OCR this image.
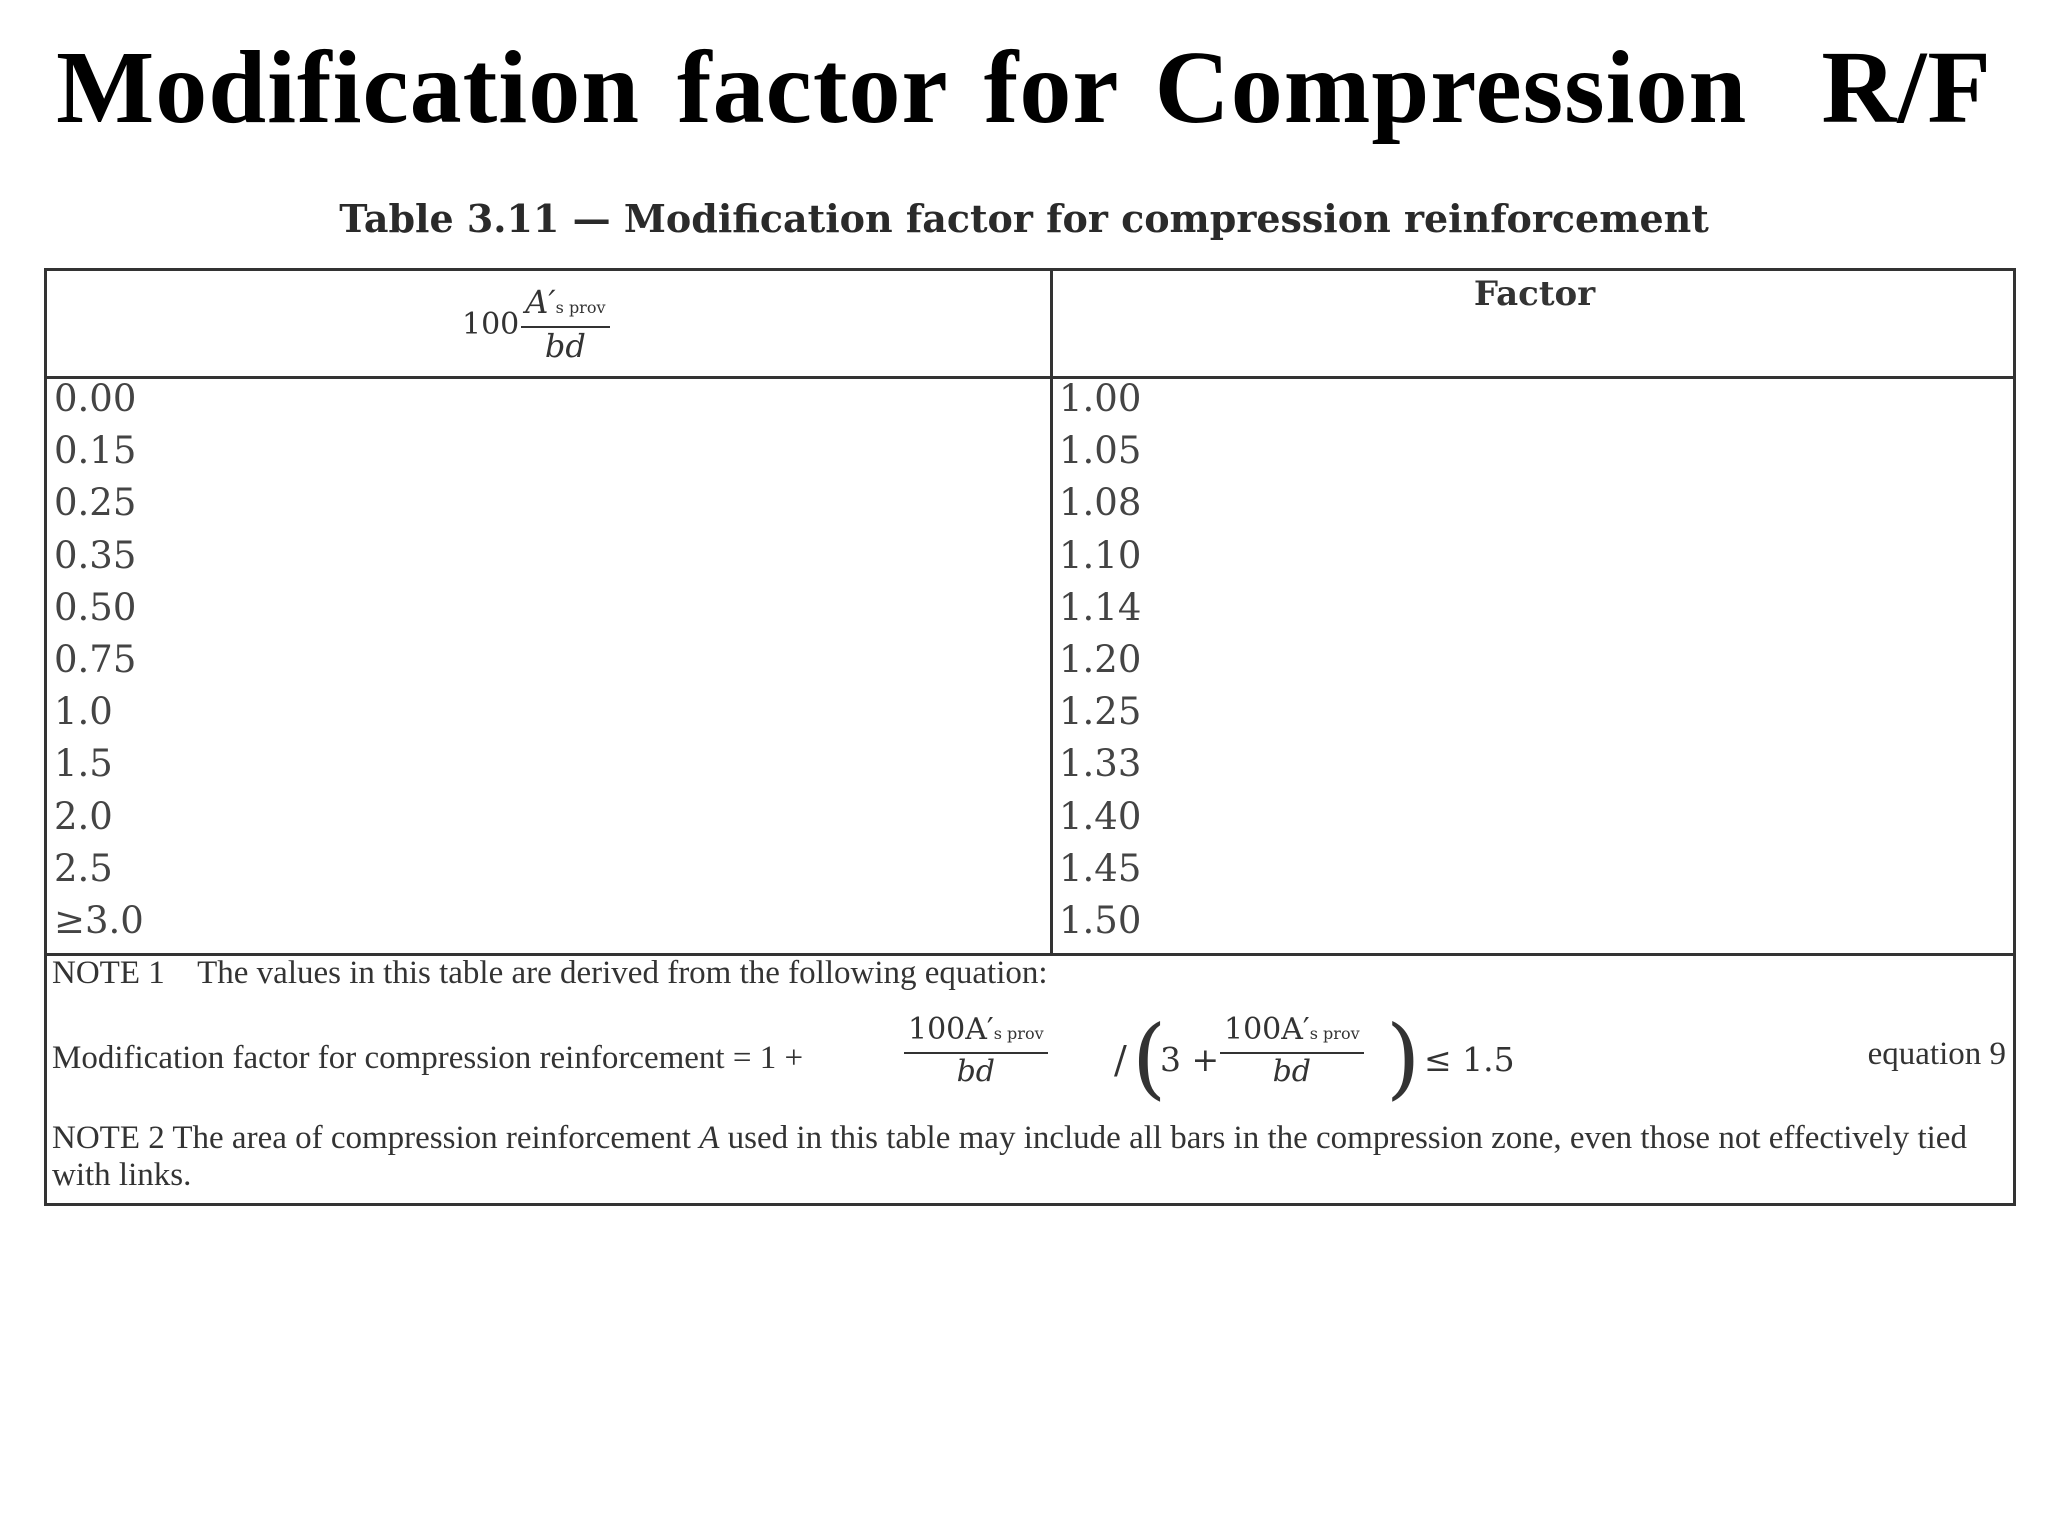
Modification factor for Compression  R/F
Table 3.11 — Modification factor for compression reinforcement
$100 \frac{\text{A′s prov}}{bd}$	Factor
0.00	1.00
0.15	1.05
0.25	1.08
0.35	1.10
0.50	1.14
0.75	1.20
1.0	1.25
1.5	1.33
2.0	1.40
2.5	1.45
≥3.0	1.50
NOTE 1    The values in this table are derived from the following equation:
Modification factor for compression reinforcement = 1 +
100A′s prov
bd	/ (
3 +
100A′s prov
bd ) ≤ 1.5	equation 9
NOTE 2 The area of compression reinforcement A used in this table may include all bars in the compression zone, even those not effectively tied with links.
